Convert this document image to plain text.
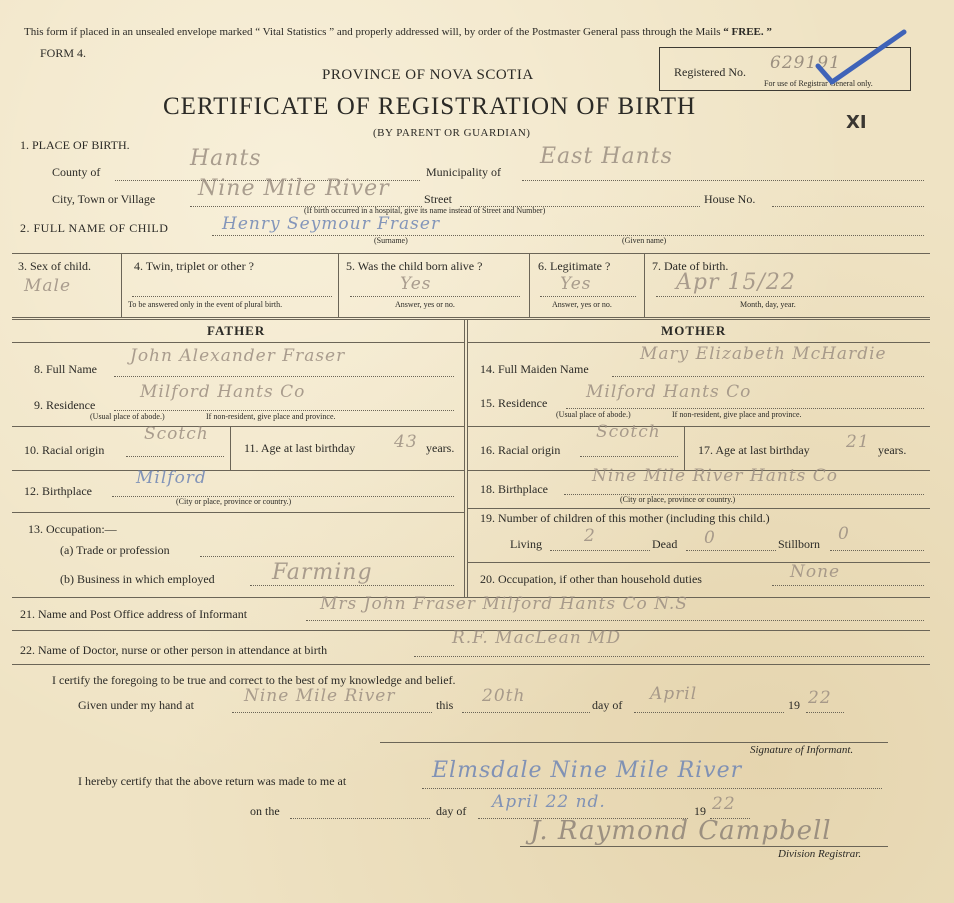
This form if placed in an unsealed envelope marked “ Vital Statistics ” and properly addressed will, by order of the Postmaster General pass through the Mails “ FREE. ”
FORM 4.
PROVINCE OF NOVA SCOTIA	Registered No. 629191
For use of Registrar General only.
CERTIFICATE OF REGISTRATION OF BIRTH
(BY PARENT OR GUARDIAN)	XI
1. PLACE OF BIRTH.
County of
Hants
Municipality of
East Hants
City, Town or Village Nine Mile River	Street	House No.
(If birth occurred in a hospital, give its name instead of Street and Number)
2. FULL NAME OF CHILD	Henry Seymour Fraser
(Surname)	(Given name)
3. Sex of child.
Male
4. Twin, triplet or other ?
To be answered only in the event of plural birth.
5. Was the child born alive ?
Yes
Answer, yes or no.
6. Legitimate ?
Yes
Answer, yes or no.
7. Date of birth.
Apr 15/22
Month, day, year.
FATHER	MOTHER
8. Full Name
John Alexander Fraser
9. Residence
Milford Hants Co
(Usual place of abode.)	If non-resident, give place and province.
10. Racial origin
Scotch
11. Age at last birthday 43 years.
12. Birthplace
Milford
(City or place, province or country.)
13. Occupation:—
(a) Trade or profession
(b) Business in which employed	Farming
14. Full Maiden Name
Mary Elizabeth McHardie
15. Residence
Milford Hants Co
(Usual place of abode.)	If non-resident, give place and province.
16. Racial origin
Scotch
17. Age at last birthday 21 years.
18. Birthplace
Nine Mile River Hants Co
(City or place, province or country.)
19. Number of children of this mother (including this child.)
Living 2	Dead 0	Stillborn 0
20. Occupation, if other than household duties	None
21. Name and Post Office address of Informant	Mrs John Fraser Milford Hants Co N.S
22. Name of Doctor, nurse or other person in attendance at birth
R.F. MacLean MD
I certify the foregoing to be true and correct to the best of my knowledge and belief.
Given under my hand at	Nine Mile River	this 20th	day of
April
19 22
Signature of Informant.
I hereby certify that the above return was made to me at	Elmsdale Nine Mile River
on the	day of April 22 nd.	19 22
J. Raymond Campbell
Division Registrar.
